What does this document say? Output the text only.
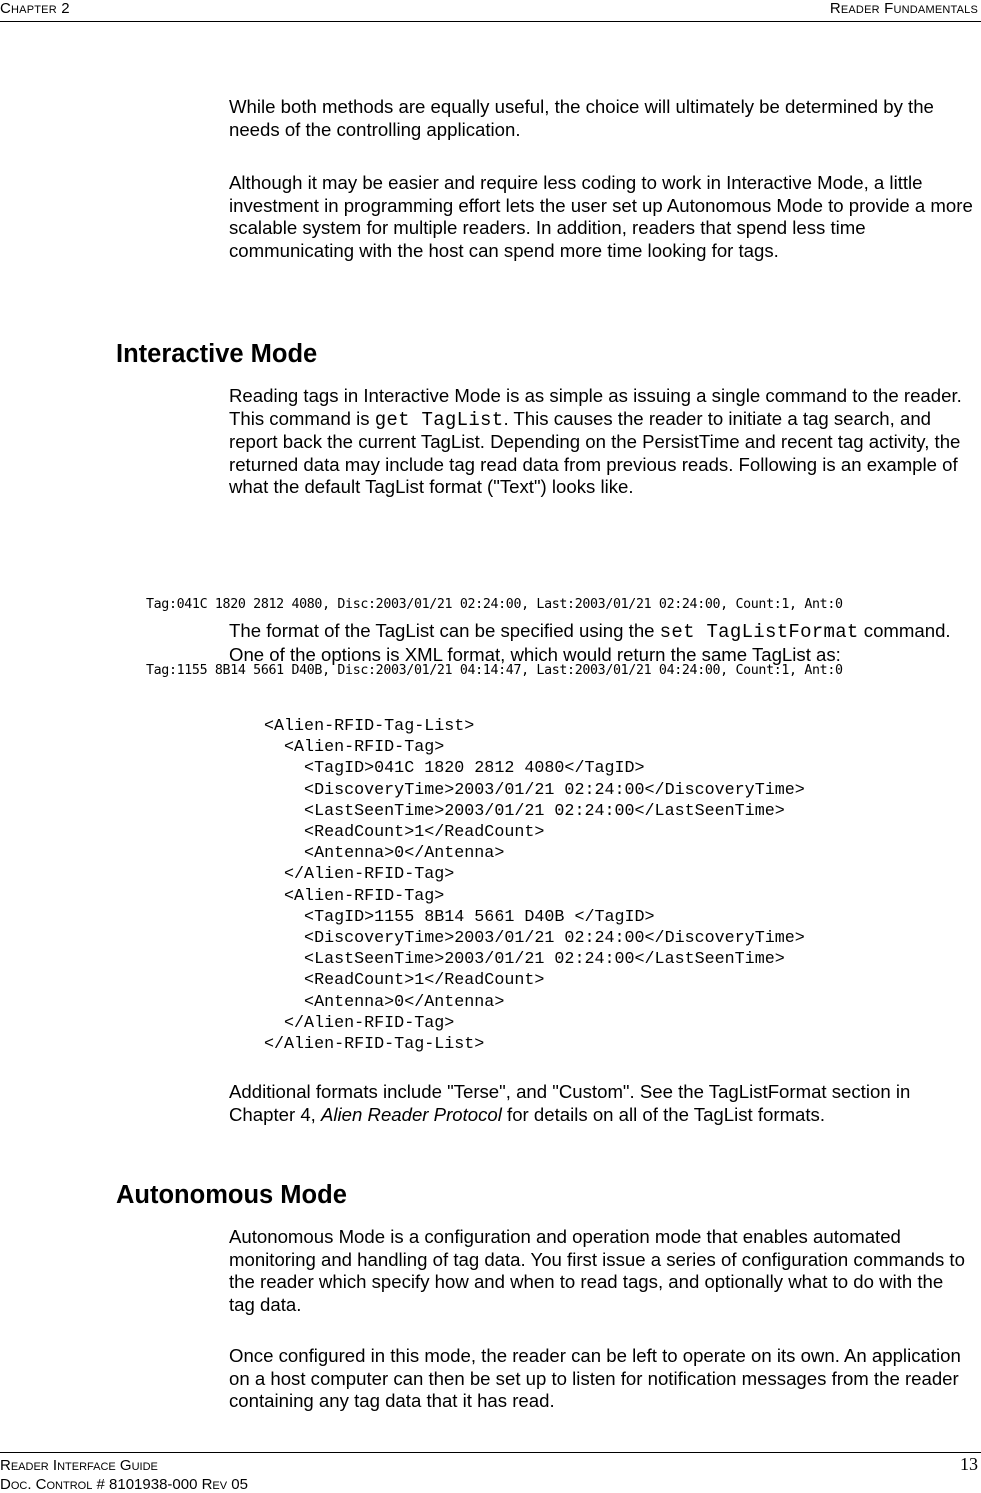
Chapter 2	Reader Fundamentals

While both methods are equally useful, the choice will ultimately be determined by the needs of the controlling application.

Although it may be easier and require less coding to work in Interactive Mode, a little investment in programming effort lets the user set up Autonomous Mode to provide a more scalable system for multiple readers. In addition, readers that spend less time communicating with the host can spend more time looking for tags.

Interactive Mode

Reading tags in Interactive Mode is as simple as issuing a single command to the reader. This command is get TagList. This causes the reader to initiate a tag search, and report back the current TagList. Depending on the PersistTime and recent tag activity, the returned data may include tag read data from previous reads. Following is an example of what the default TagList format ("Text") looks like.

Tag:041C 1820 2812 4080, Disc:2003/01/21 02:24:00, Last:2003/01/21 02:24:00, Count:1, Ant:0

Tag:1155 8B14 5661 D40B, Disc:2003/01/21 04:14:47, Last:2003/01/21 04:24:00, Count:1, Ant:0

The format of the TagList can be specified using the set TagListFormat command. One of the options is XML format, which would return the same TagList as:

<Alien-RFID-Tag-List>
<Alien-RFID-Tag>
<TagID>041C 1820 2812 4080</TagID>
<DiscoveryTime>2003/01/21 02:24:00</DiscoveryTime>
<LastSeenTime>2003/01/21 02:24:00</LastSeenTime>
<ReadCount>1</ReadCount>
<Antenna>0</Antenna>
</Alien-RFID-Tag>
<Alien-RFID-Tag>
<TagID>1155 8B14 5661 D40B </TagID>
<DiscoveryTime>2003/01/21 02:24:00</DiscoveryTime>
<LastSeenTime>2003/01/21 02:24:00</LastSeenTime>
<ReadCount>1</ReadCount>
<Antenna>0</Antenna>
</Alien-RFID-Tag>
</Alien-RFID-Tag-List>

Additional formats include "Terse", and "Custom". See the TagListFormat section in Chapter 4, Alien Reader Protocol for details on all of the TagList formats.

Autonomous Mode

Autonomous Mode is a configuration and operation mode that enables automated monitoring and handling of tag data. You first issue a series of configuration commands to the reader which specify how and when to read tags, and optionally what to do with the tag data.

Once configured in this mode, the reader can be left to operate on its own. An application on a host computer can then be set up to listen for notification messages from the reader containing any tag data that it has read.

Reader Interface Guide
Doc. Control # 8101938-000 Rev 05
13
